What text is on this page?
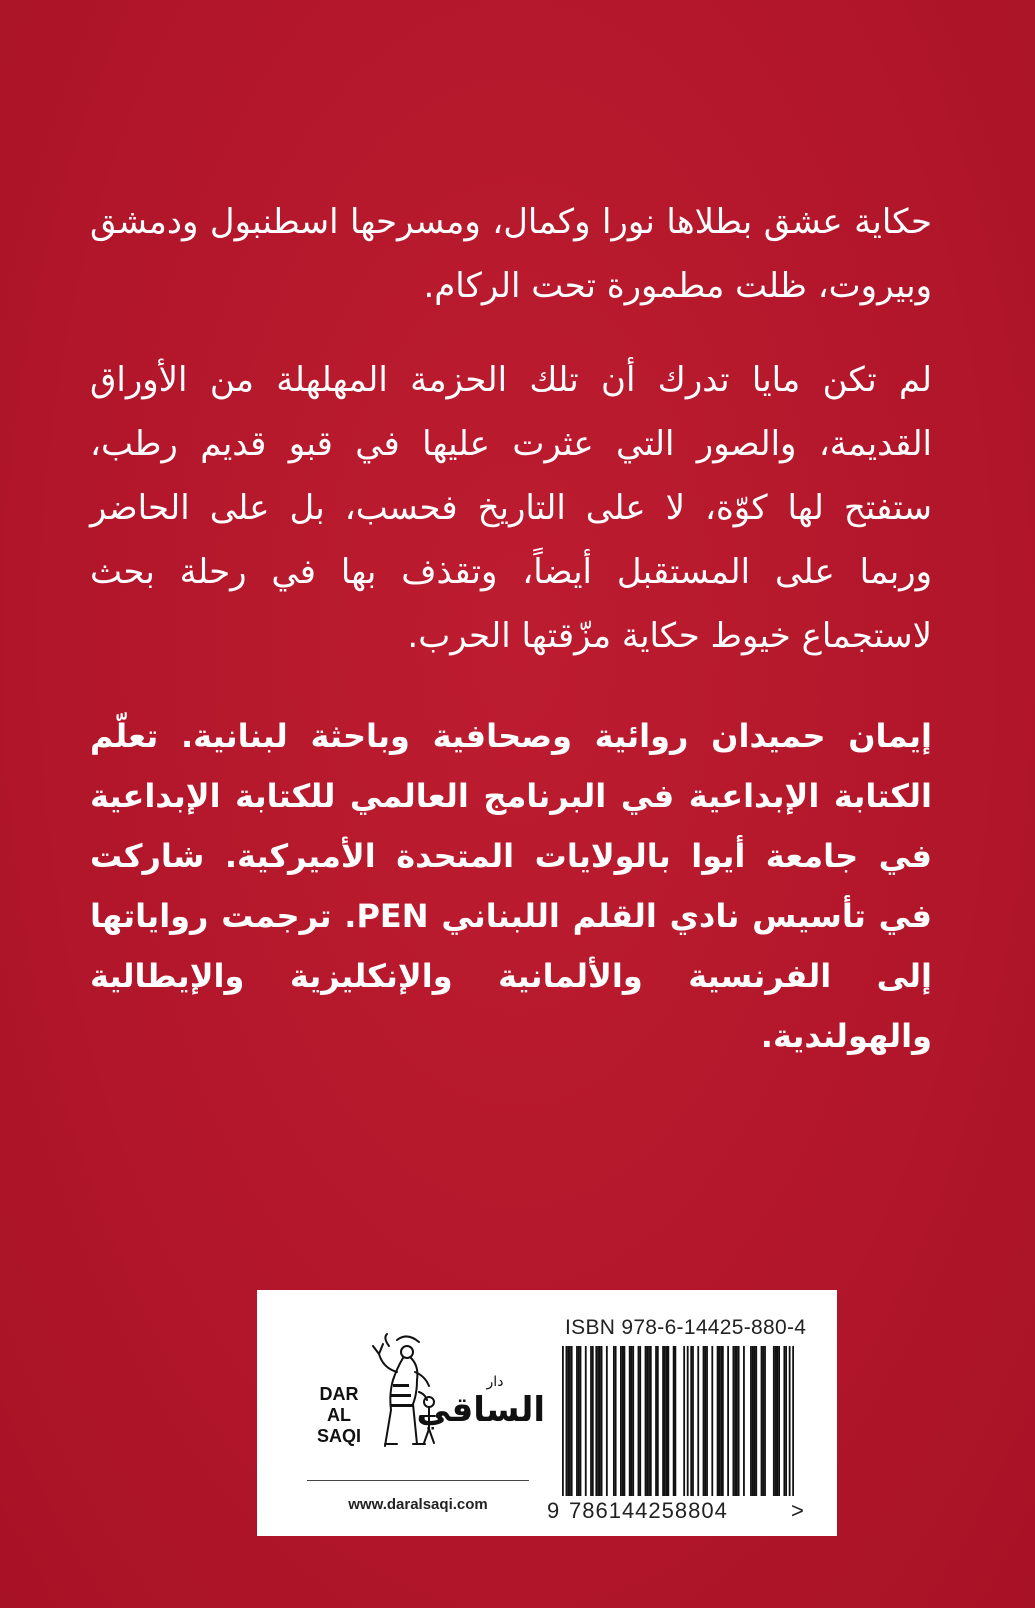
حكاية عشق بطلاها نورا وكمال، ومسرحها اسطنبول ودمشق وبيروت، ظلت مطمورة تحت الركام.

لم تكن مايا تدرك أن تلك الحزمة المهلهلة من الأوراق القديمة، والصور التي عثرت عليها في قبو قديم رطب، ستفتح لها كوّة، لا على التاريخ فحسب، بل على الحاضر وربما على المستقبل أيضاً، وتقذف بها في رحلة بحث لاستجماع خيوط حكاية مزّقتها الحرب.

إيمان حميدان روائية وصحافية وباحثة لبنانية. تعلّم الكتابة الإبداعية في البرنامج العالمي للكتابة الإبداعية في جامعة أيوا بالولايات المتحدة الأميركية. شاركت في تأسيس نادي القلم اللبناني PEN. ترجمت رواياتها إلى الفرنسية والألمانية والإنكليزية والإيطالية والهولندية.

ISBN 978-6-14425-880-4
9 786144258804	>
DAR
AL SAQI
دار
الساقي
www.daralsaqi.com
